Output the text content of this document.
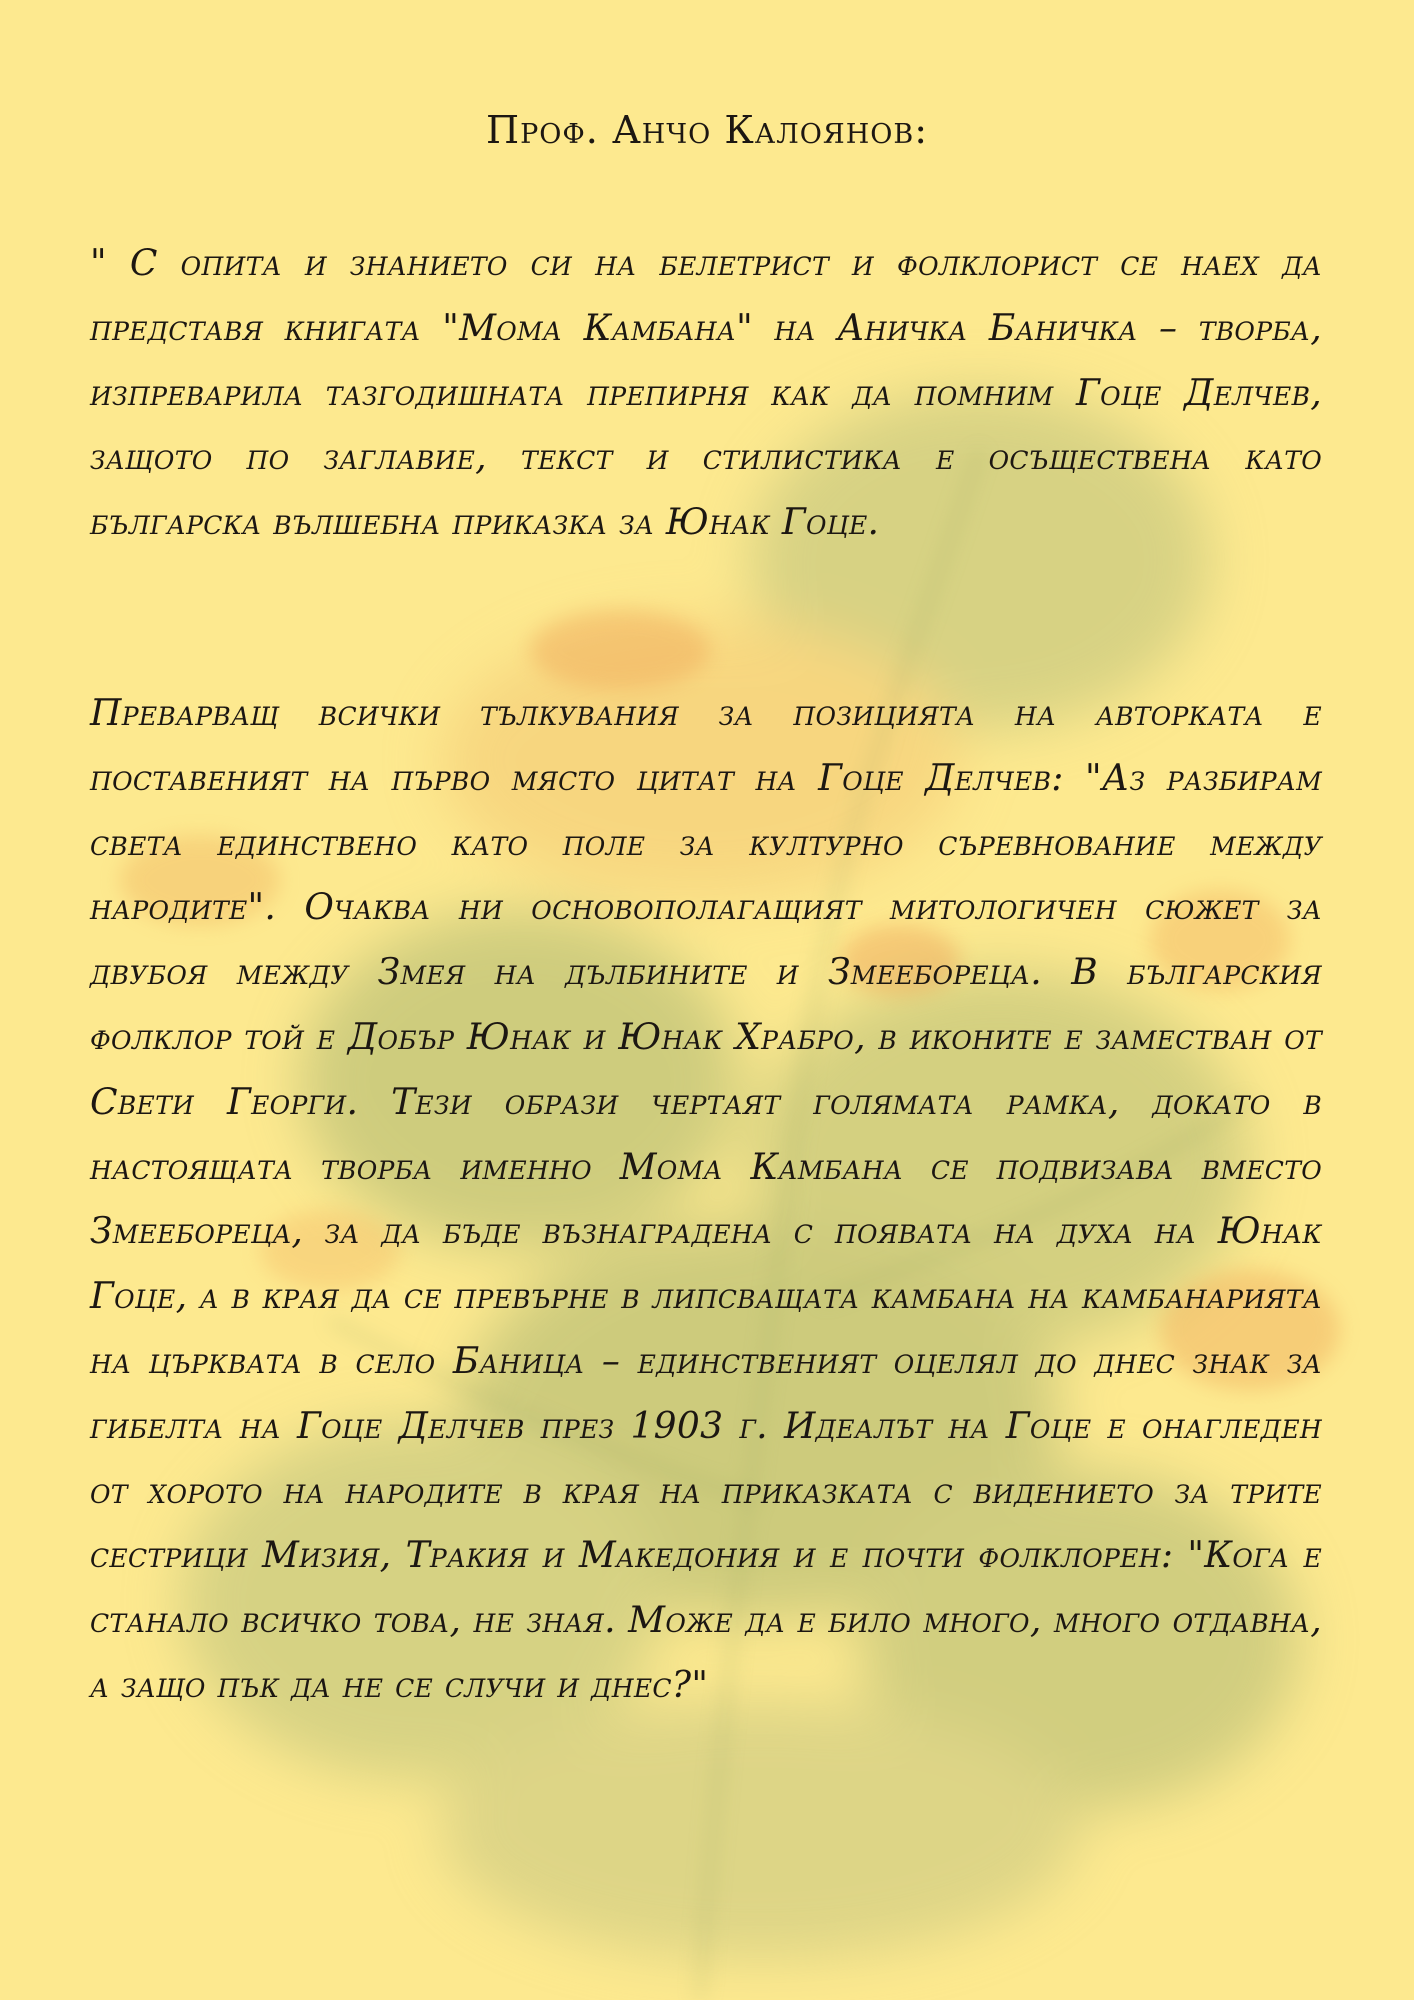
Проф. Анчо Калоянов:

" С опита и знанието си на белетрист и фолклорист се наех да представя книгата "Мома Камбана" на Аничка Баничка – творба, изпреварила тазгодишната препирня как да помним Гоце Делчев, защото по заглавие, текст и стилистика е осъществена като българска вълшебна приказка за Юнак Гоце.

Преварващ всички тълкувания за позицията на авторката е поставеният на първо място цитат на Гоце Делчев: "Аз разбирам света единствено като поле за културно съревнование между народите". Очаква ни основополагащият митологичен сюжет за двубоя между Змея на дълбините и Змеебореца. В българския фолклор той е Добър Юнак и Юнак Храбро, в иконите е заместван от Свети Георги. Тези образи чертаят голямата рамка, докато в настоящата творба именно Мома Камбана се подвизава вместо Змееборецa, за да бъде възнаградена с появата на духа на Юнак Гоце, а в края да се превърне в липсващата камбана на камбанарията на църквата в село Баница – единственият оцелял до днес знак за гибелта на Гоце Делчев през 1903 г. Идеалът на Гоце е онагледен от хорото на народите в края на приказката с видението за трите сестрици Мизия, Тракия и Македония и е почти фолклорен: "Кога е станало всичко това, не зная. Може да е било много, много отдавна, а защо пък да не се случи и днес?"
